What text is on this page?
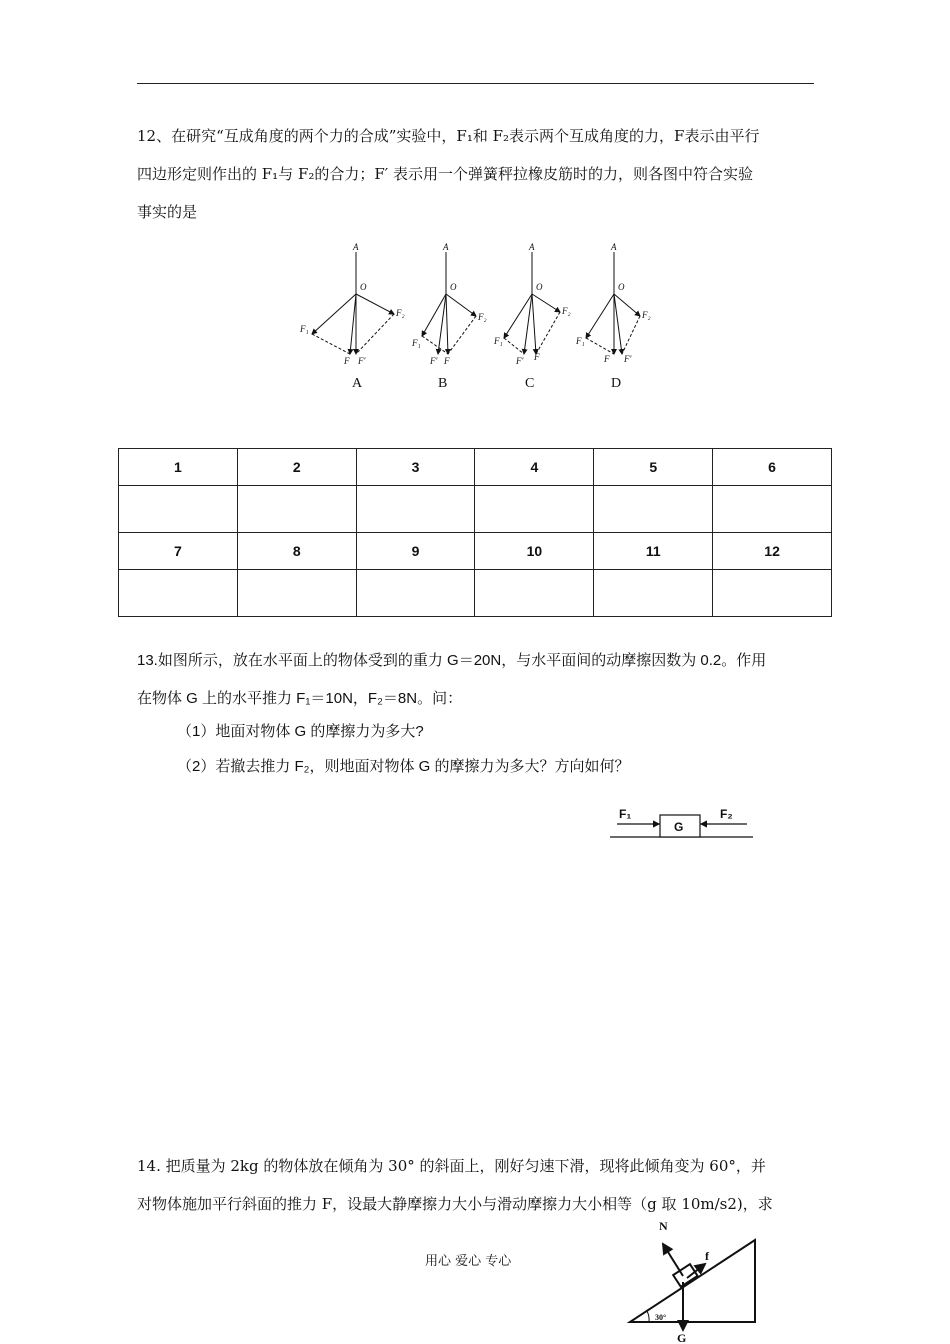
12、在研究“互成角度的两个力的合成”实验中，F₁和 F₂表示两个互成角度的力，F表示由平行
四边形定则作出的 F₁与 F₂的合力；F′ 表示用一个弹簧秤拉橡皮筋时的力，则各图中符合实验
事实的是
A
O
F₁
F₂
F F′
A
O
F₁
F₂
F′ F
A
O
F₁
F₂
F′ F
A
O
F₁
F₂
F F′
A	B	C	D
1	2	3	4	5	6

7	8	9	10	11	12

13.如图所示，放在水平面上的物体受到的重力 G＝20N，与水平面间的动摩擦因数为 0.2。作用
在物体 G 上的水平推力 F₁＝10N，F₂＝8N。问：
（1）地面对物体 G 的摩擦力为多大?
（2）若撤去推力 F₂，则地面对物体 G 的摩擦力为多大？方向如何？
F₁	F₂
G
14. 把质量为 2kg 的物体放在倾角为 30° 的斜面上，刚好匀速下滑，现将此倾角变为 60°，并
对物体施加平行斜面的推力 F，设最大静摩擦力大小与滑动摩擦力大小相等（g 取 10m/s2)，求
N
f
G
30°
用心 爱心 专心
